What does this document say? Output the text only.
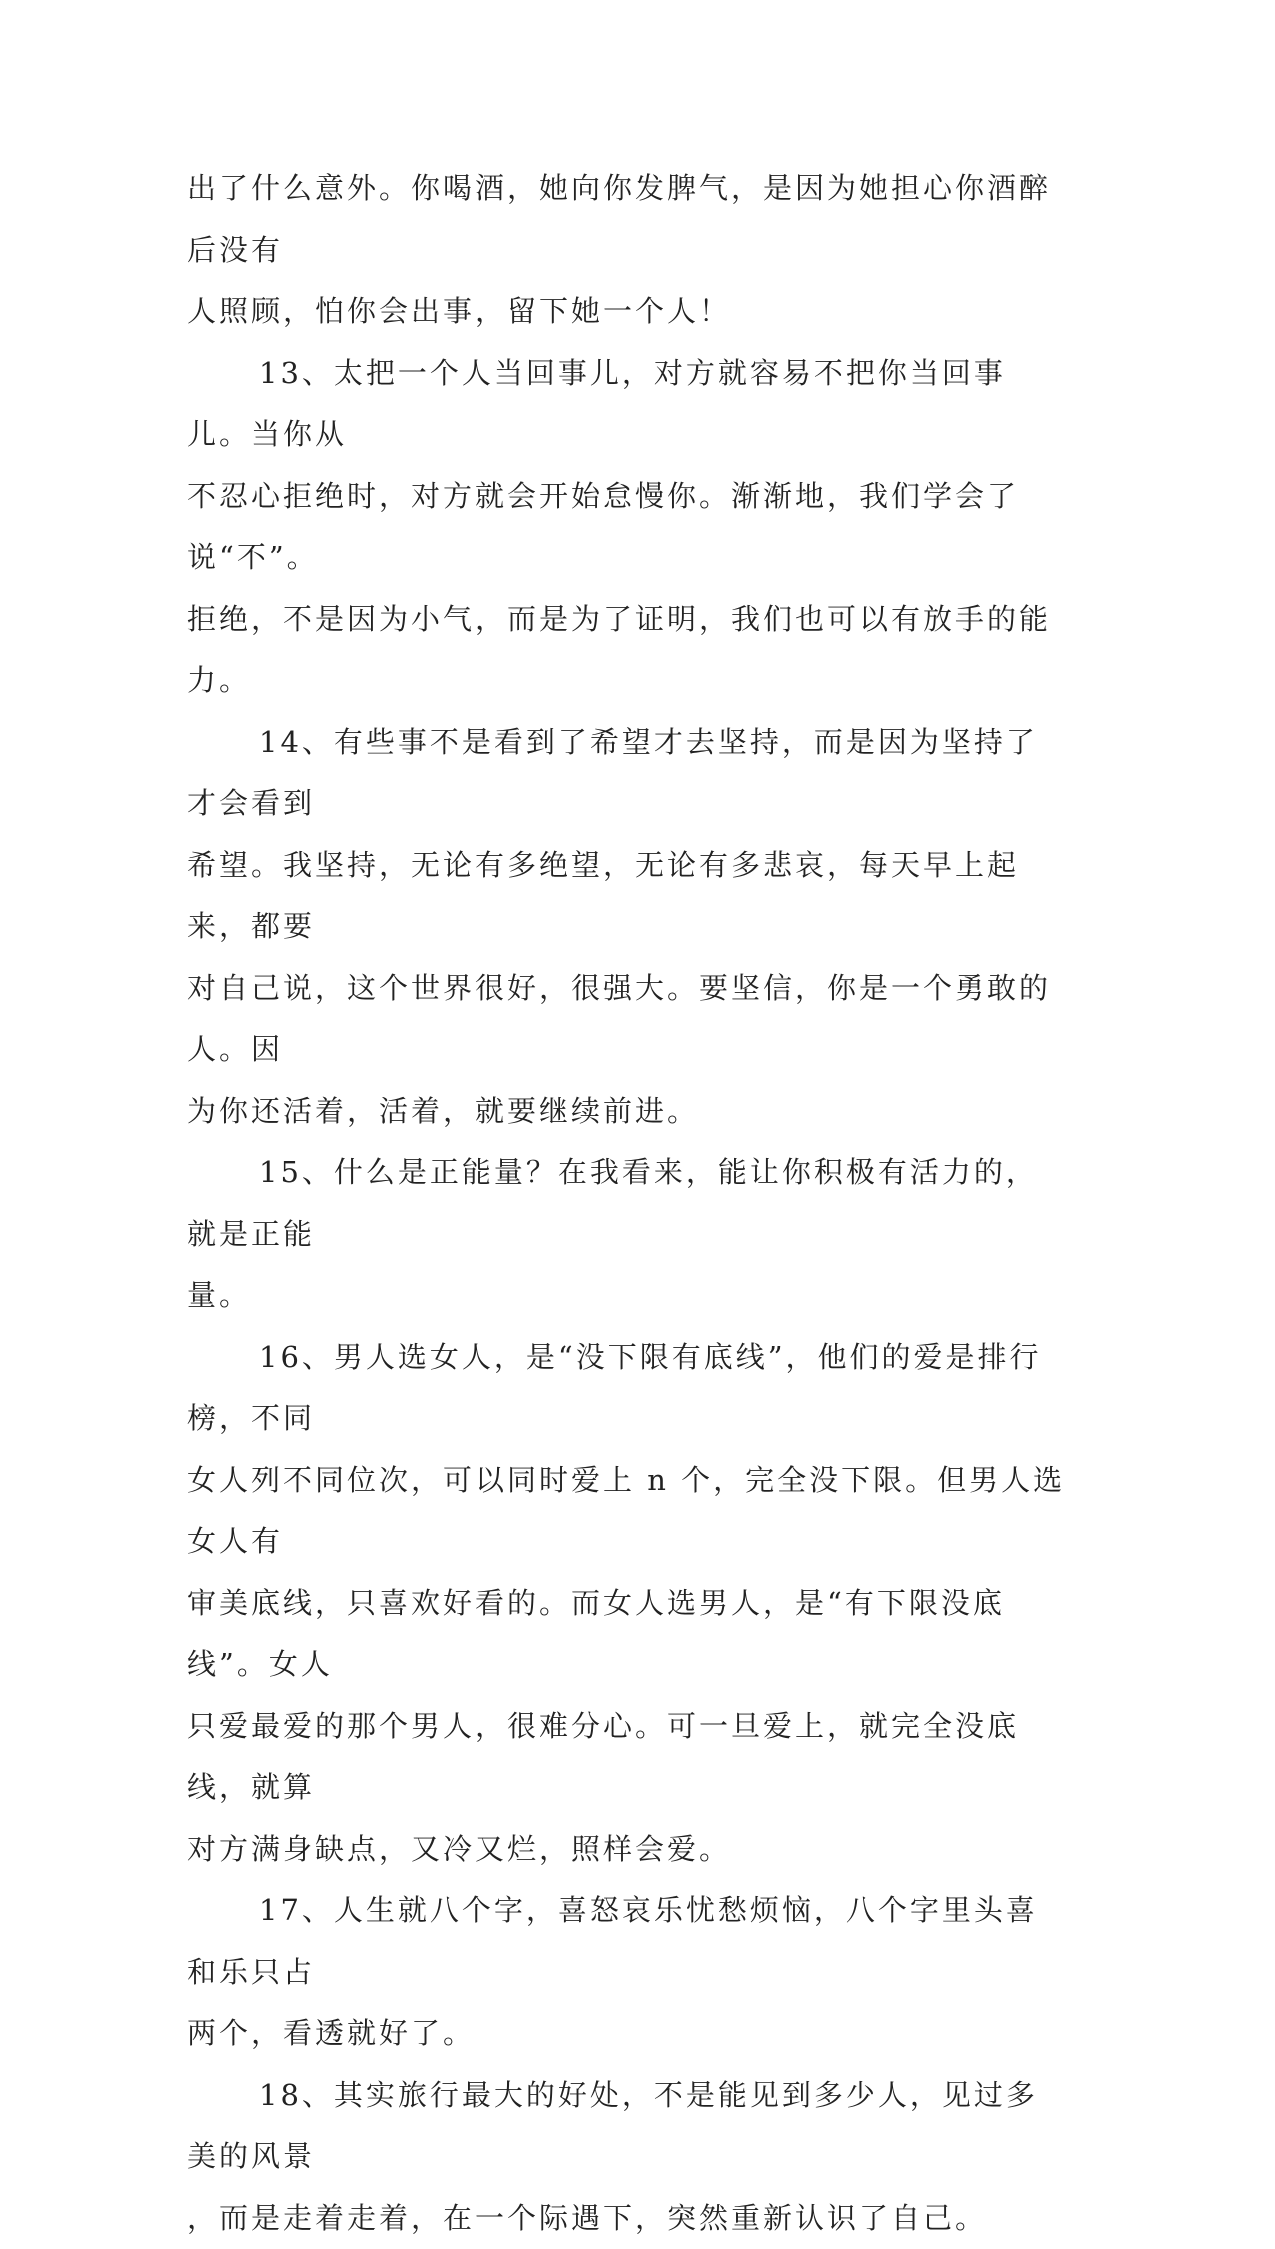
出了什么意外。你喝酒，她向你发脾气，是因为她担心你酒醉后没有
人照顾，怕你会出事，留下她一个人！
13、太把一个人当回事儿，对方就容易不把你当回事儿。当你从
不忍心拒绝时，对方就会开始怠慢你。渐渐地，我们学会了说“不”。
拒绝，不是因为小气，而是为了证明，我们也可以有放手的能力。
14、有些事不是看到了希望才去坚持，而是因为坚持了才会看到
希望。我坚持，无论有多绝望，无论有多悲哀，每天早上起来，都要
对自己说，这个世界很好，很强大。要坚信，你是一个勇敢的人。因
为你还活着，活着，就要继续前进。
15、什么是正能量？在我看来，能让你积极有活力的，就是正能
量。
16、男人选女人，是“没下限有底线”，他们的爱是排行榜，不同
女人列不同位次，可以同时爱上 n 个，完全没下限。但男人选女人有
审美底线，只喜欢好看的。而女人选男人，是“有下限没底线”。女人
只爱最爱的那个男人，很难分心。可一旦爱上，就完全没底线，就算
对方满身缺点，又冷又烂，照样会爱。
17、人生就八个字，喜怒哀乐忧愁烦恼，八个字里头喜和乐只占
两个，看透就好了。
18、其实旅行最大的好处，不是能见到多少人，见过多美的风景
，而是走着走着，在一个际遇下，突然重新认识了自己。
